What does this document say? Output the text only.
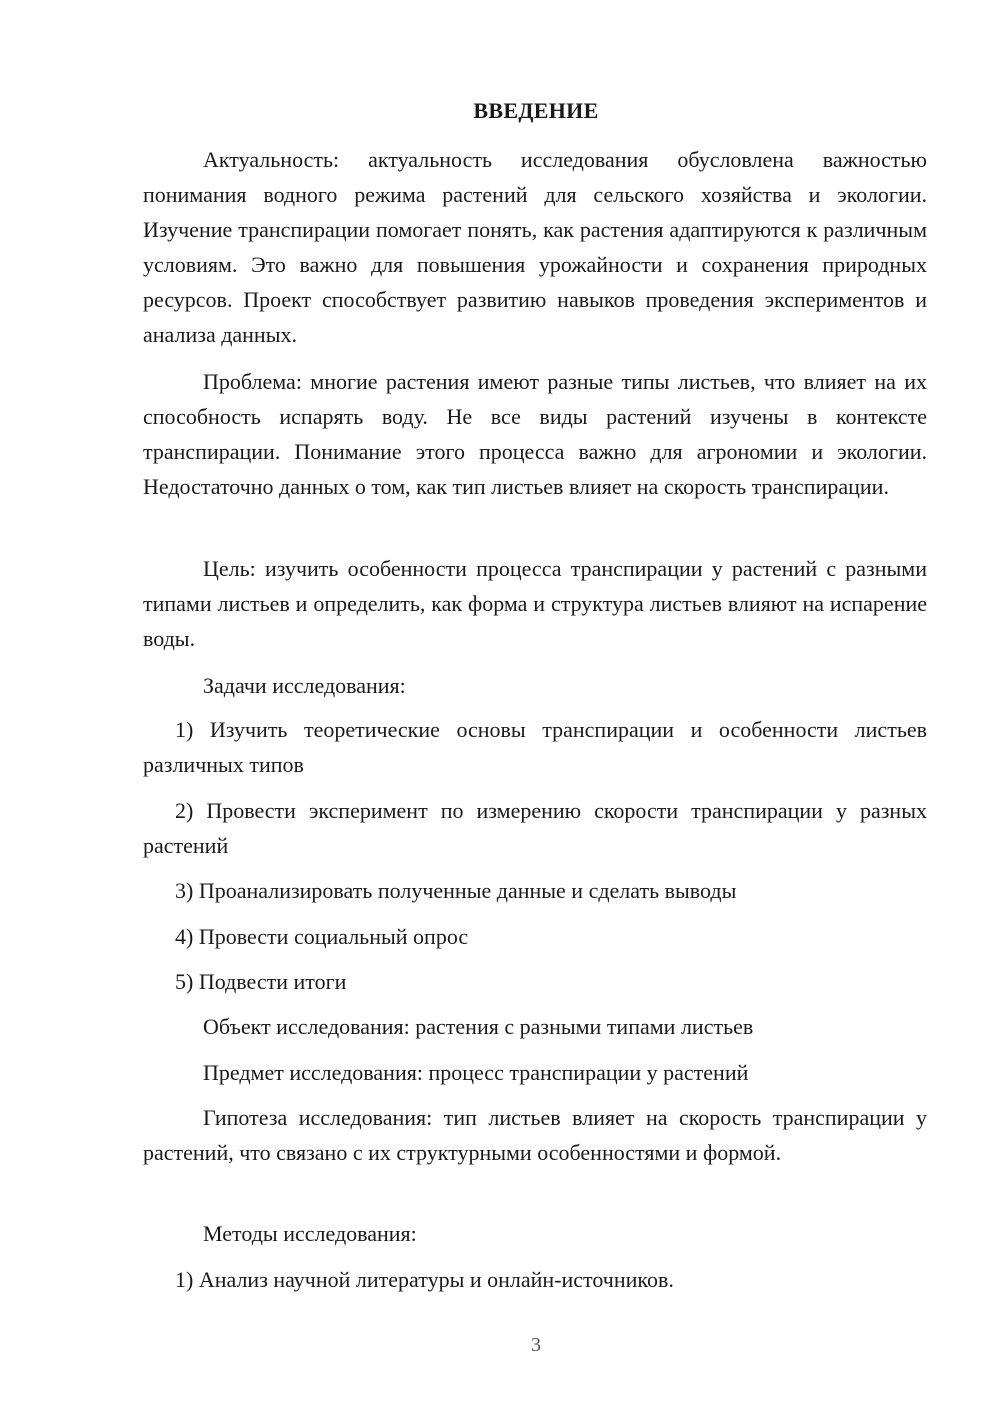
ВВЕДЕНИЕ

Актуальность: актуальность исследования обусловлена важностью понимания водного режима растений для сельского хозяйства и экологии. Изучение транспирации помогает понять, как растения адаптируются к различным условиям. Это важно для повышения урожайности и сохранения природных ресурсов. Проект способствует развитию навыков проведения экспериментов и анализа данных.

Проблема: многие растения имеют разные типы листьев, что влияет на их способность испарять воду. Не все виды растений изучены в контексте транспирации. Понимание этого процесса важно для агрономии и экологии. Недостаточно данных о том, как тип листьев влияет на скорость транспирации.

Цель: изучить особенности процесса транспирации у растений с разными типами листьев и определить, как форма и структура листьев влияют на испарение воды.

Задачи исследования:

1) Изучить теоретические основы транспирации и особенности листьев различных типов

2) Провести эксперимент по измерению скорости транспирации у разных растений

3) Проанализировать полученные данные и сделать выводы

4) Провести социальный опрос

5) Подвести итоги

Объект исследования: растения с разными типами листьев

Предмет исследования: процесс транспирации у растений

Гипотеза исследования: тип листьев влияет на скорость транспирации у растений, что связано с их структурными особенностями и формой.

Методы исследования:

1) Анализ научной литературы и онлайн-источников.

3
